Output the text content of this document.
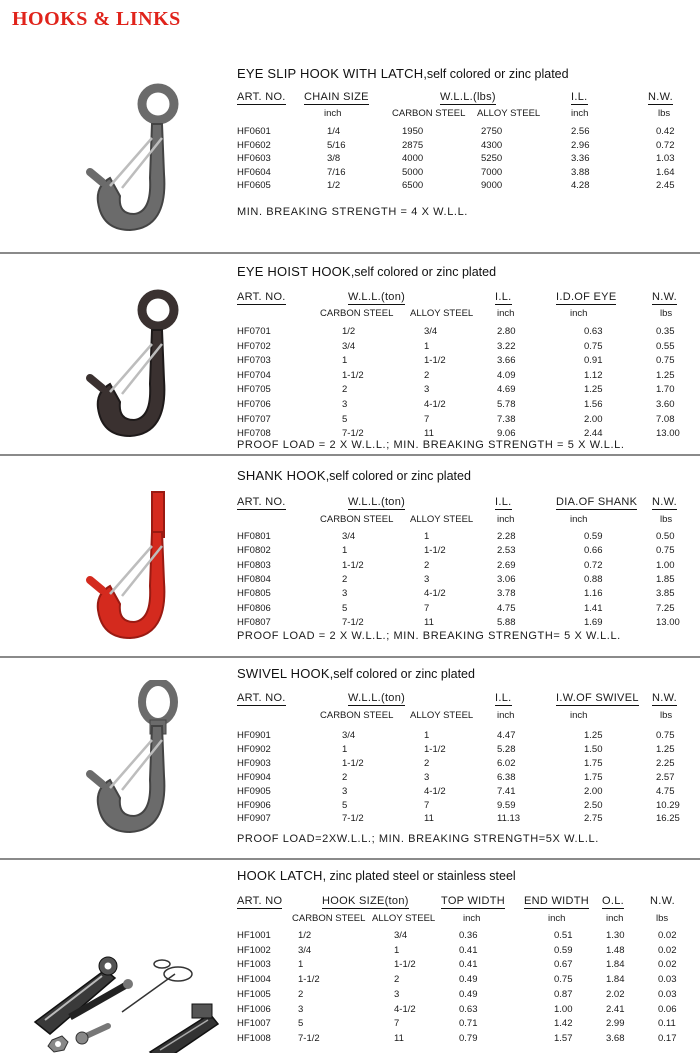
HOOKS & LINKS
EYE SLIP HOOK WITH LATCH,self colored or zinc plated
ART. NO. CHAIN SIZE	W.L.L.(lbs)	I.L.	N.W.
inch	CARBON STEEL ALLOY STEEL	inch	lbs
HF0601	1/4	1950	2750	2.56	0.42
HF0602	5/16	2875	4300	2.96	0.72
HF0603	3/8	4000	5250	3.36	1.03
HF0604	7/16	5000	7000	3.88	1.64
HF0605	1/2	6500	9000	4.28	2.45
MIN. BREAKING STRENGTH = 4 X W.L.L.
EYE HOIST HOOK,self colored or zinc plated
ART. NO.	W.L.L.(ton)	I.L.	I.D.OF EYE	N.W.
CARBON STEEL ALLOY STEEL	inch	inch	lbs
HF0701	1/2	3/4	2.80	0.63	0.35
HF0702	3/4	1	3.22	0.75	0.55
HF0703	1	1-1/2	3.66	0.91	0.75
HF0704	1-1/2	2	4.09	1.12	1.25
HF0705	2	3	4.69	1.25	1.70
HF0706	3	4-1/2	5.78	1.56	3.60
HF0707	5	7	7.38	2.00	7.08
HF0708	7-1/2	11	9.06	2.44	13.00
PROOF LOAD = 2 X W.L.L.; MIN. BREAKING STRENGTH = 5 X W.L.L.
SHANK HOOK,self colored or zinc plated
ART. NO.	W.L.L.(ton)	I.L.	DIA.OF SHANK N.W.
CARBON STEEL ALLOY STEEL	inch	inch	lbs
HF0801	3/4	1	2.28	0.59	0.50
HF0802	1	1-1/2	2.53	0.66	0.75
HF0803	1-1/2	2	2.69	0.72	1.00
HF0804	2	3	3.06	0.88	1.85
HF0805	3	4-1/2	3.78	1.16	3.85
HF0806	5	7	4.75	1.41	7.25
HF0807	7-1/2	11	5.88	1.69	13.00
PROOF LOAD = 2 X W.L.L.; MIN. BREAKING STRENGTH= 5 X W.L.L.
SWIVEL HOOK,self colored or zinc plated
ART. NO.	W.L.L.(ton)	I.L.	I.W.OF SWIVEL N.W.
CARBON STEEL ALLOY STEEL	inch	inch	lbs
HF0901	3/4	1	4.47	1.25	0.75
HF0902	1	1-1/2	5.28	1.50	1.25
HF0903	1-1/2	2	6.02	1.75	2.25
HF0904	2	3	6.38	1.75	2.57
HF0905	3	4-1/2	7.41	2.00	4.75
HF0906	5	7	9.59	2.50	10.29
HF0907	7-1/2	11	11.13	2.75	16.25
PROOF LOAD=2XW.L.L.; MIN. BREAKING STRENGTH=5X W.L.L.
HOOK LATCH, zinc plated steel or stainless steel
ART. NO	HOOK SIZE(ton)	TOP WIDTH END WIDTH O.L. N.W.
CARBON STEEL ALLOY STEEL	inch	inch	inch	lbs
HF1001	1/2	3/4	0.36	0.51	1.30	0.02
HF1002	3/4	1	0.41	0.59	1.48	0.02
HF1003	1	1-1/2	0.41	0.67	1.84	0.02
HF1004	1-1/2	2	0.49	0.75	1.84	0.03
HF1005	2	3	0.49	0.87	2.02	0.03
HF1006	3	4-1/2	0.63	1.00	2.41	0.06
HF1007	5	7	0.71	1.42	2.99	0.11
HF1008	7-1/2	11	0.79	1.57	3.68	0.17
